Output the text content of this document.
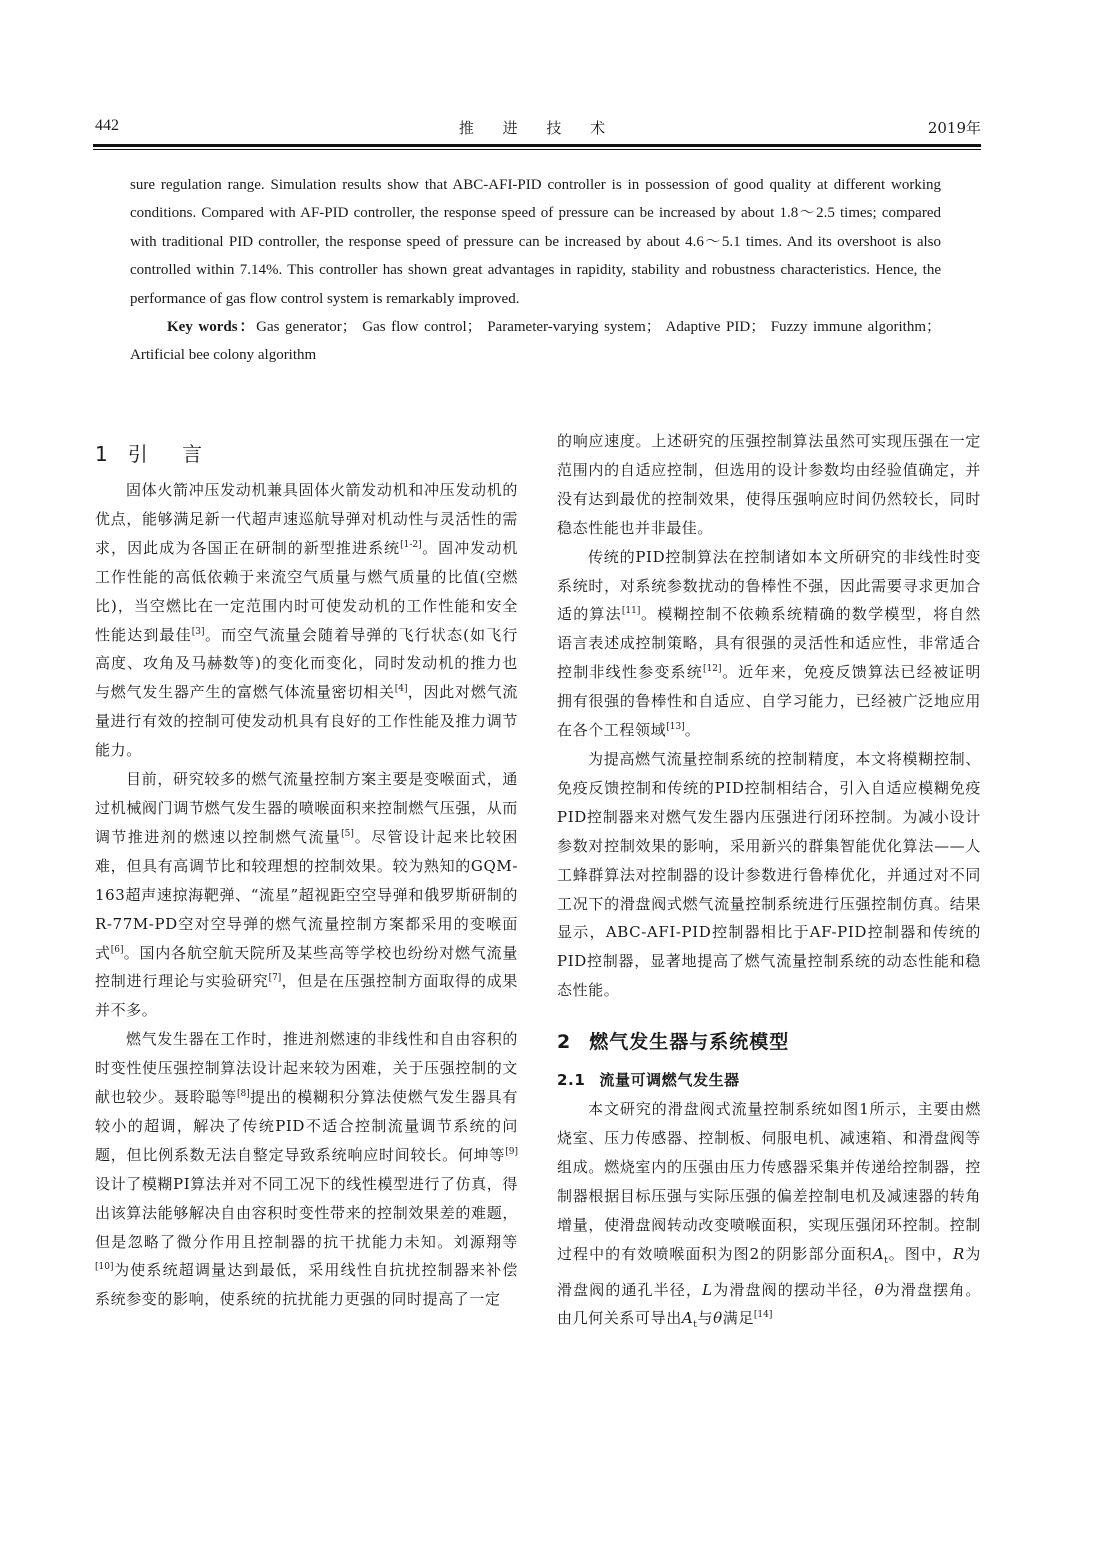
442	推 进 技 术	2019年

sure regulation range. Simulation results show that ABC-AFI-PID controller is in possession of good quality at different working conditions. Compared with AF-PID controller, the response speed of pressure can be increased by about 1.8～2.5 times; compared with traditional PID controller, the response speed of pressure can be increased by about 4.6～5.1 times. And its overshoot is also controlled within 7.14%. This controller has shown great advantages in rapidity, stability and robustness characteristics. Hence, the performance of gas flow control system is remarkably improved.

Key words：Gas generator； Gas flow control； Parameter-varying system； Adaptive PID； Fuzzy immune algorithm； Artificial bee colony algorithm

1 引 言

固体火箭冲压发动机兼具固体火箭发动机和冲压发动机的优点，能够满足新一代超声速巡航导弹对机动性与灵活性的需求，因此成为各国正在研制的新型推进系统[1-2]。固冲发动机工作性能的高低依赖于来流空气质量与燃气质量的比值(空燃比)，当空燃比在一定范围内时可使发动机的工作性能和安全性能达到最佳[3]。而空气流量会随着导弹的飞行状态(如飞行高度、攻角及马赫数等)的变化而变化，同时发动机的推力也与燃气发生器产生的富燃气体流量密切相关[4]，因此对燃气流量进行有效的控制可使发动机具有良好的工作性能及推力调节能力。

目前，研究较多的燃气流量控制方案主要是变喉面式，通过机械阀门调节燃气发生器的喷喉面积来控制燃气压强，从而调节推进剂的燃速以控制燃气流量[5]。尽管设计起来比较困难，但具有高调节比和较理想的控制效果。较为熟知的GQM-163超声速掠海靶弹、“流星”超视距空空导弹和俄罗斯研制的R-77M-PD空对空导弹的燃气流量控制方案都采用的变喉面式[6]。国内各航空航天院所及某些高等学校也纷纷对燃气流量控制进行理论与实验研究[7]，但是在压强控制方面取得的成果并不多。

燃气发生器在工作时，推进剂燃速的非线性和自由容积的时变性使压强控制算法设计起来较为困难，关于压强控制的文献也较少。聂聆聪等[8]提出的模糊积分算法使燃气发生器具有较小的超调，解决了传统PID不适合控制流量调节系统的问题，但比例系数无法自整定导致系统响应时间较长。何坤等[9]设计了模糊PI算法并对不同工况下的线性模型进行了仿真，得出该算法能够解决自由容积时变性带来的控制效果差的难题，但是忽略了微分作用且控制器的抗干扰能力未知。刘源翔等[10]为使系统超调量达到最低，采用线性自抗扰控制器来补偿系统参变的影响，使系统的抗扰能力更强的同时提高了一定

的响应速度。上述研究的压强控制算法虽然可实现压强在一定范围内的自适应控制，但选用的设计参数均由经验值确定，并没有达到最优的控制效果，使得压强响应时间仍然较长，同时稳态性能也并非最佳。

传统的PID控制算法在控制诸如本文所研究的非线性时变系统时，对系统参数扰动的鲁棒性不强，因此需要寻求更加合适的算法[11]。模糊控制不依赖系统精确的数学模型，将自然语言表述成控制策略，具有很强的灵活性和适应性，非常适合控制非线性参变系统[12]。近年来，免疫反馈算法已经被证明拥有很强的鲁棒性和自适应、自学习能力，已经被广泛地应用在各个工程领域[13]。

为提高燃气流量控制系统的控制精度，本文将模糊控制、免疫反馈控制和传统的PID控制相结合，引入自适应模糊免疫PID控制器来对燃气发生器内压强进行闭环控制。为减小设计参数对控制效果的影响，采用新兴的群集智能优化算法——人工蜂群算法对控制器的设计参数进行鲁棒优化，并通过对不同工况下的滑盘阀式燃气流量控制系统进行压强控制仿真。结果显示，ABC-AFI-PID控制器相比于AF-PID控制器和传统的PID控制器，显著地提高了燃气流量控制系统的动态性能和稳态性能。

2 燃气发生器与系统模型
2.1 流量可调燃气发生器

本文研究的滑盘阀式流量控制系统如图1所示，主要由燃烧室、压力传感器、控制板、伺服电机、减速箱、和滑盘阀等组成。燃烧室内的压强由压力传感器采集并传递给控制器，控制器根据目标压强与实际压强的偏差控制电机及减速器的转角增量，使滑盘阀转动改变喷喉面积，实现压强闭环控制。控制过程中的有效喷喉面积为图2的阴影部分面积$A_t$。图中，R为滑盘阀的通孔半径，L为滑盘阀的摆动半径，θ为滑盘摆角。由几何关系可导出$A_t$与θ满足[14]
